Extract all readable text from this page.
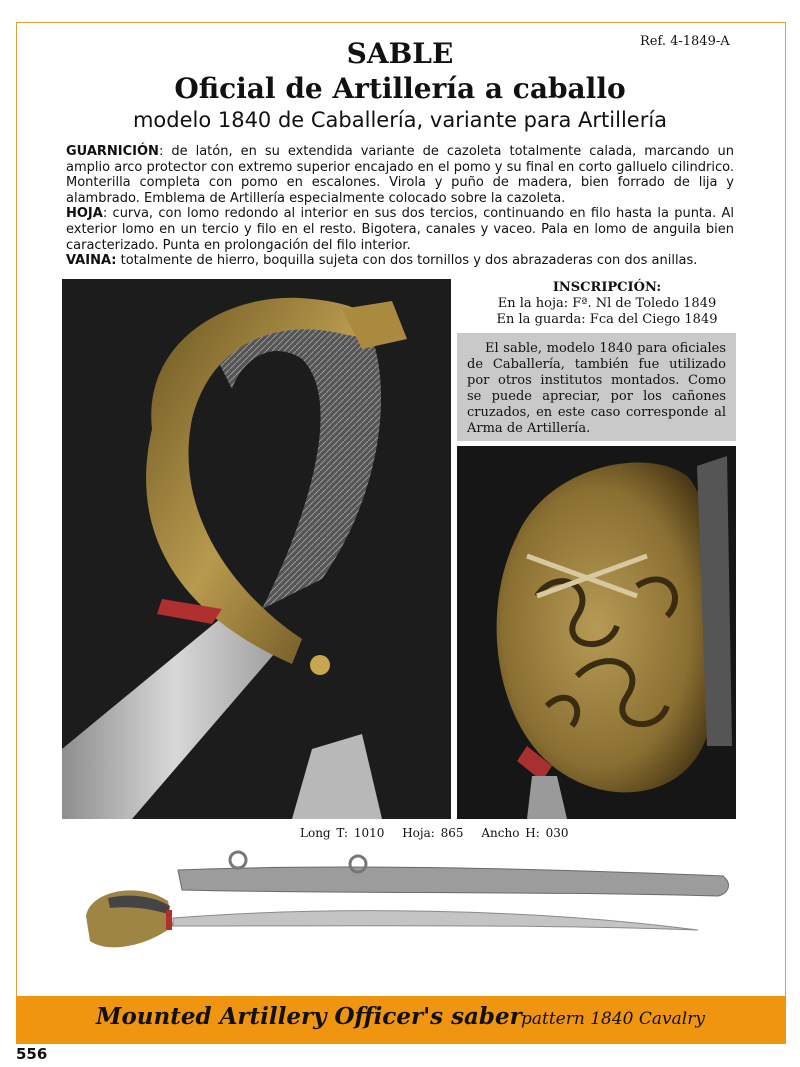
Ref. 4-1849-A
SABLE
Oficial de Artillería a caballo
modelo 1840 de Caballería, variante para Artillería

GUARNICIÓN: de latón, en su extendida variante de cazoleta totalmente calada, marcando un amplio arco protector con extremo superior encajado en el pomo y su final en corto galluelo cilindrico. Monterilla completa con pomo en escalones. Virola y puño de madera, bien forrado de lija y alambrado. Emblema de Artillería especialmente colocado sobre la cazoleta.

HOJA: curva, con lomo redondo al interior en sus dos tercios, continuando en filo hasta la punta. Al exterior lomo en un tercio y filo en el resto. Bigotera, canales y vaceo. Pala en lomo de anguila bien caracterizado. Punta en prolongación del filo interior.

VAINA: totalmente de hierro, boquilla sujeta con dos tornillos y dos abrazaderas con dos anillas.

INSCRIPCIÓN:
En la hoja: Fª. Nl de Toledo 1849
En la guarda: Fca del Ciego 1849
El sable, modelo 1840 para oficiales de Caballería, también fue utilizado por otros institutos montados. Como se puede apreciar, por los cañones cruzados, en este caso corresponde al Arma de Artillería.
Long T: 1010 Hoja: 865 Ancho H: 030
Mounted Artillery Officer's saber pattern 1840 Cavalry
556
